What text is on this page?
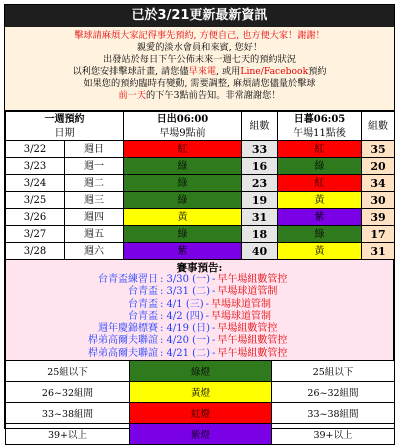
已於3/21更新最新資訊
擊球請麻煩大家記得事先預約, 方便自己, 也方便大家！謝謝！
親愛的淡水會員和來賓, 您好！
出發站於每日下午公佈未來一週七天的預約狀況
以利您安排擊球計畫, 請您儘早來電, 或用Line/Facebook預約
如果您的預約臨時有變動, 需要調整, 麻煩請您儘量於擊球
前一天的下午3點前告知。非常謝謝您！
一週預約		日出06:00	組數	日暮06:05	組數
日期		早場9點前		午場11點後	
3/22	週日	紅	33	紅	35
3/23	週一	綠	16	綠	20
3/24	週二	綠	23	紅	34
3/25	週三	綠	19	黃	30
3/26	週四	黃	31	紫	39
3/27	週五	綠	18	綠	17
3/28	週六	紫	40	黃	31
賽事預告:
台青盃練習日 : 3/30 (一) - 早午場組數管控
台青盃 : 3/31 (二) - 早場球道管制
台青盃 : 4/1 (三) - 早場球道管制
台青盃 : 4/2 (四) - 早場球道管制
週年慶錦標賽 : 4/19 (日) - 早場組數管控
桿弟高爾夫聯誼 : 4/20 (一) - 早午場組數管控
桿弟高爾夫聯誼 : 4/21 (二) - 早午場組數管控
25組以下	綠燈	25組以下
26~32組間	黃燈	26~32組間
33~38組間	紅燈	33~38組間
39+以上	紫燈	39+以上
